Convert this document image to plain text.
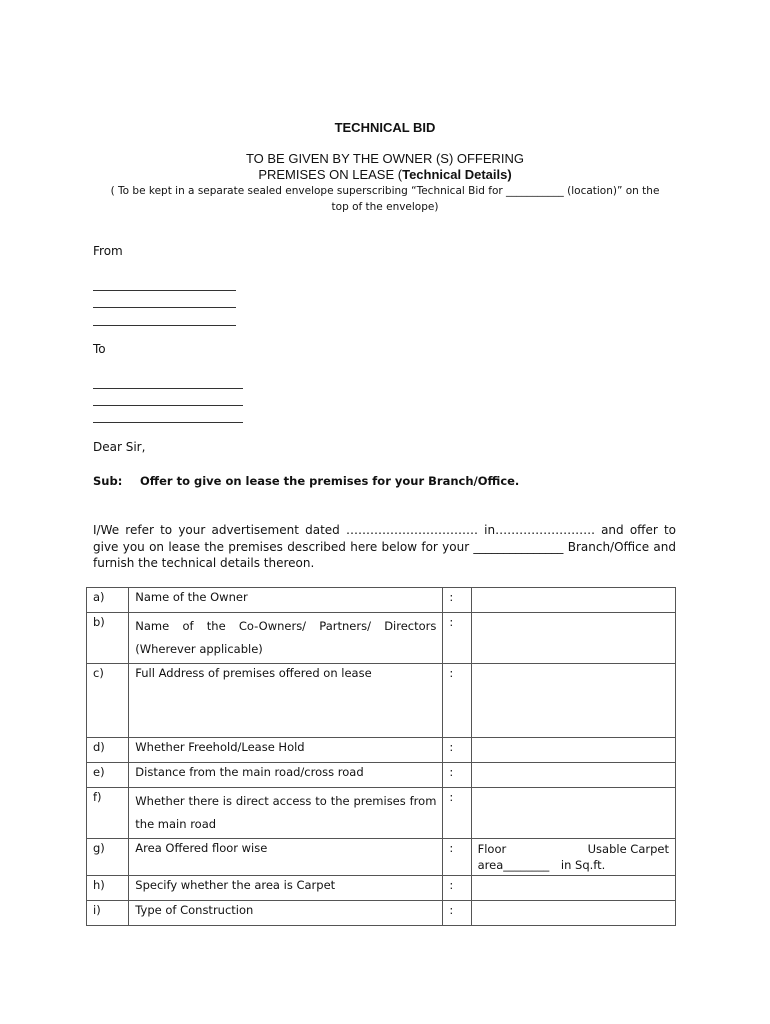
TECHNICAL BID
TO BE GIVEN BY THE OWNER (S) OFFERING
PREMISES ON LEASE (Technical Details)
( To be kept in a separate sealed envelope superscribing “Technical Bid for ___________ (location)” on the
top of the envelope)
From
To
Dear Sir,
Sub: Offer to give on lease the premises for your Branch/Office.
I/We refer to your advertisement dated …………………………… in……………………. and offer to give you on lease the premises described here below for your _______________ Branch/Office and furnish the technical details thereon.
a)	Name of the Owner	:	
b)	Name of the Co-Owners/ Partners/ Directors (Wherever applicable)	:	
c)	Full Address of premises offered on lease	:	
d)	Whether Freehold/Lease Hold	:	
e)	Distance from the main road/cross road	:	
f)	Whether there is direct access to the premises from the main road	:	
g)	Area Offered floor wise	:	Floor Usable Carpet
area________ in Sq.ft.

h)	Specify whether the area is Carpet	:	
i)	Type of Construction	:	
